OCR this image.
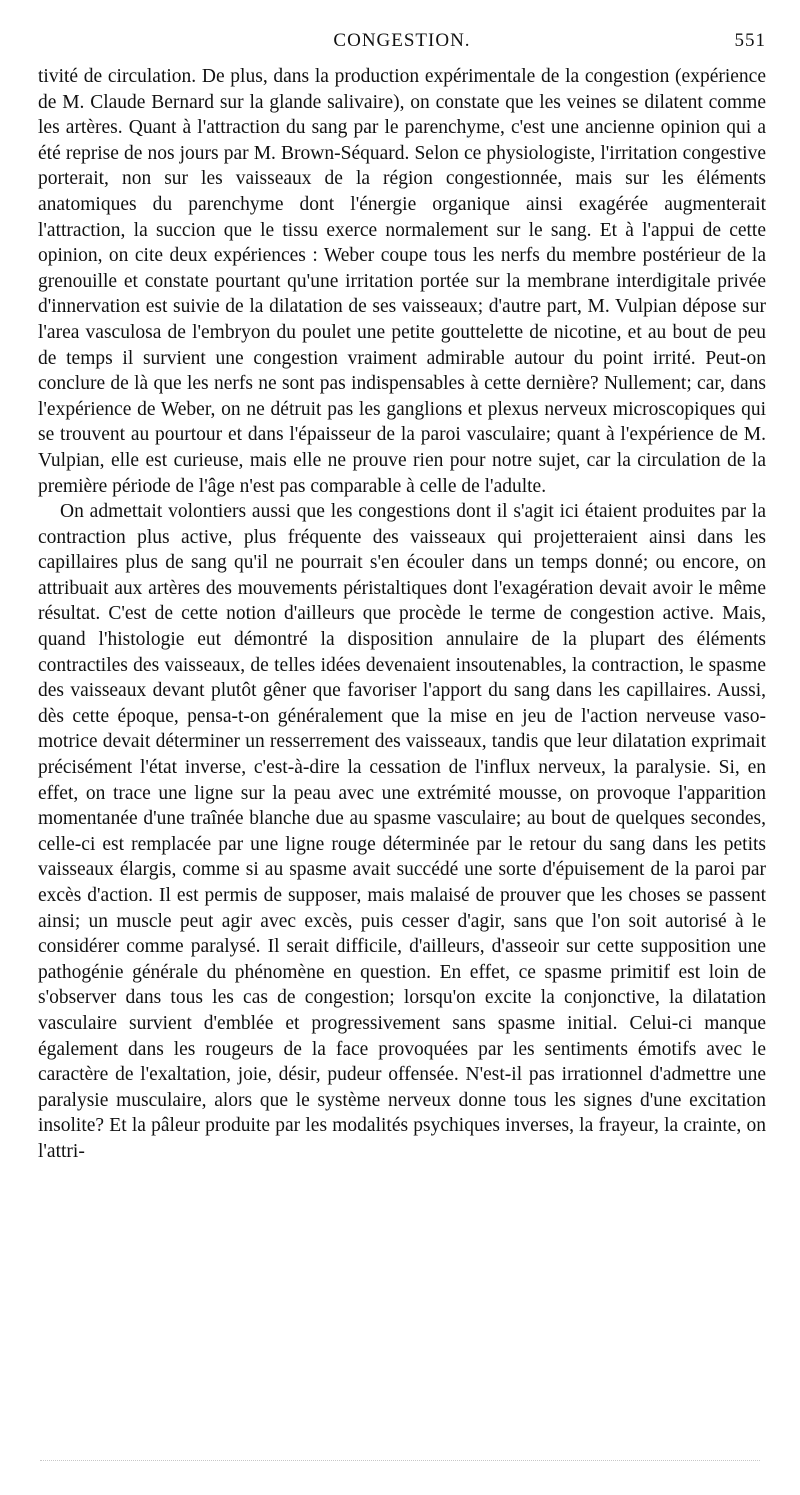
CONGESTION.	551

tivité de circulation. De plus, dans la production expérimentale de la congestion (expérience de M. Claude Bernard sur la glande salivaire), on constate que les veines se dilatent comme les artères. Quant à l'attraction du sang par le parenchyme, c'est une ancienne opinion qui a été reprise de nos jours par M. Brown-Séquard. Selon ce physiologiste, l'irritation congestive porterait, non sur les vaisseaux de la région congestionnée, mais sur les éléments anatomiques du parenchyme dont l'énergie organique ainsi exagérée augmenterait l'attraction, la succion que le tissu exerce normalement sur le sang. Et à l'appui de cette opinion, on cite deux expériences : Weber coupe tous les nerfs du membre postérieur de la grenouille et constate pourtant qu'une irritation portée sur la membrane interdigitale privée d'innervation est suivie de la dilatation de ses vaisseaux; d'autre part, M. Vulpian dépose sur l'area vasculosa de l'embryon du poulet une petite gouttelette de nicotine, et au bout de peu de temps il survient une congestion vraiment admirable autour du point irrité. Peut-on conclure de là que les nerfs ne sont pas indispensables à cette dernière? Nullement; car, dans l'expérience de Weber, on ne détruit pas les ganglions et plexus nerveux microscopiques qui se trouvent au pourtour et dans l'épaisseur de la paroi vasculaire; quant à l'expérience de M. Vulpian, elle est curieuse, mais elle ne prouve rien pour notre sujet, car la circulation de la première période de l'âge n'est pas comparable à celle de l'adulte.

On admettait volontiers aussi que les congestions dont il s'agit ici étaient produites par la contraction plus active, plus fréquente des vaisseaux qui projetteraient ainsi dans les capillaires plus de sang qu'il ne pourrait s'en écouler dans un temps donné; ou encore, on attribuait aux artères des mouvements péristaltiques dont l'exagération devait avoir le même résultat. C'est de cette notion d'ailleurs que procède le terme de congestion active. Mais, quand l'histologie eut démontré la disposition annulaire de la plupart des éléments contractiles des vaisseaux, de telles idées devenaient insoutenables, la contraction, le spasme des vaisseaux devant plutôt gêner que favoriser l'apport du sang dans les capillaires. Aussi, dès cette époque, pensa-t-on généralement que la mise en jeu de l'action nerveuse vaso-motrice devait déterminer un resserrement des vaisseaux, tandis que leur dilatation exprimait précisément l'état inverse, c'est-à-dire la cessation de l'influx nerveux, la paralysie. Si, en effet, on trace une ligne sur la peau avec une extrémité mousse, on provoque l'apparition momentanée d'une traînée blanche due au spasme vasculaire; au bout de quelques secondes, celle-ci est remplacée par une ligne rouge déterminée par le retour du sang dans les petits vaisseaux élargis, comme si au spasme avait succédé une sorte d'épuisement de la paroi par excès d'action. Il est permis de supposer, mais malaisé de prouver que les choses se passent ainsi; un muscle peut agir avec excès, puis cesser d'agir, sans que l'on soit autorisé à le considérer comme paralysé. Il serait difficile, d'ailleurs, d'asseoir sur cette supposition une pathogénie générale du phénomène en question. En effet, ce spasme primitif est loin de s'observer dans tous les cas de congestion; lorsqu'on excite la conjonctive, la dilatation vasculaire survient d'emblée et progressivement sans spasme initial. Celui-ci manque également dans les rougeurs de la face provoquées par les sentiments émotifs avec le caractère de l'exaltation, joie, désir, pudeur offensée. N'est-il pas irrationnel d'admettre une paralysie musculaire, alors que le système nerveux donne tous les signes d'une excitation insolite? Et la pâleur produite par les modalités psychiques inverses, la frayeur, la crainte, on l'attri-
